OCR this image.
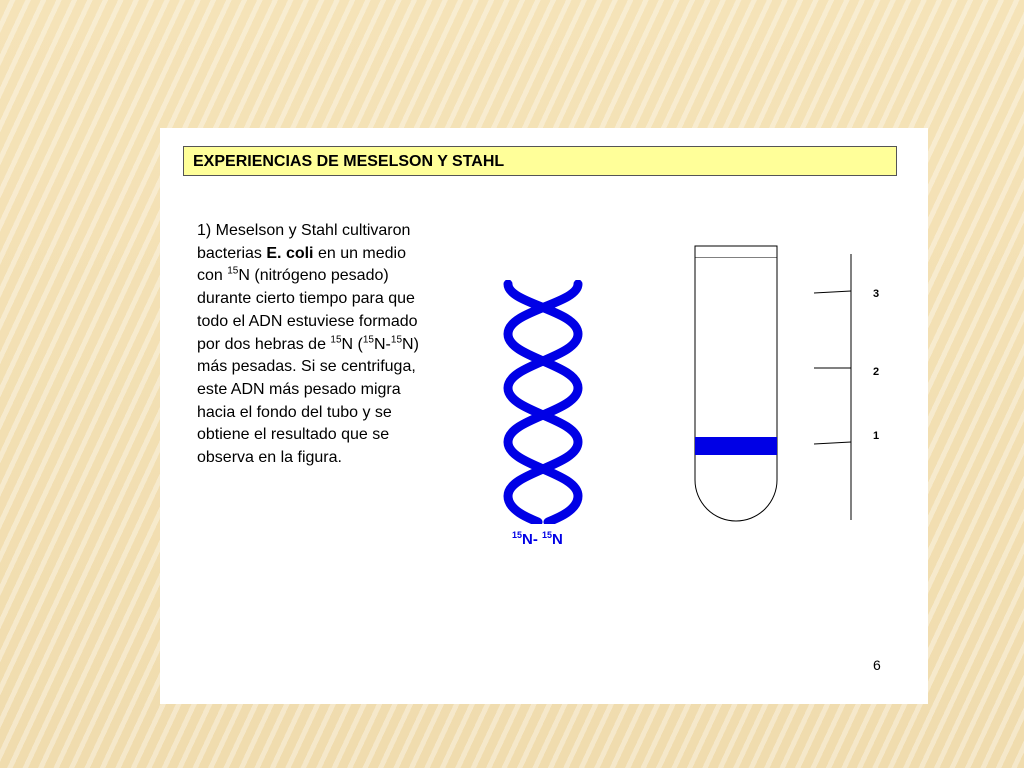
EXPERIENCIAS DE MESELSON Y STAHL
1) Meselson y Stahl cultivaron bacterias E. coli en un medio con $^{15}$N (nitrógeno pesado) durante cierto tiempo para que todo el ADN estuviese formado por dos hebras de $^{15}$N ($^{15}$N-$^{15}$N) más pesadas. Si se centrifuga, este ADN más pesado migra hacia el fondo del tubo y se obtiene el resultado que se observa en la figura.
$^{15}$N- $^{15}$N
3
2
1
6
